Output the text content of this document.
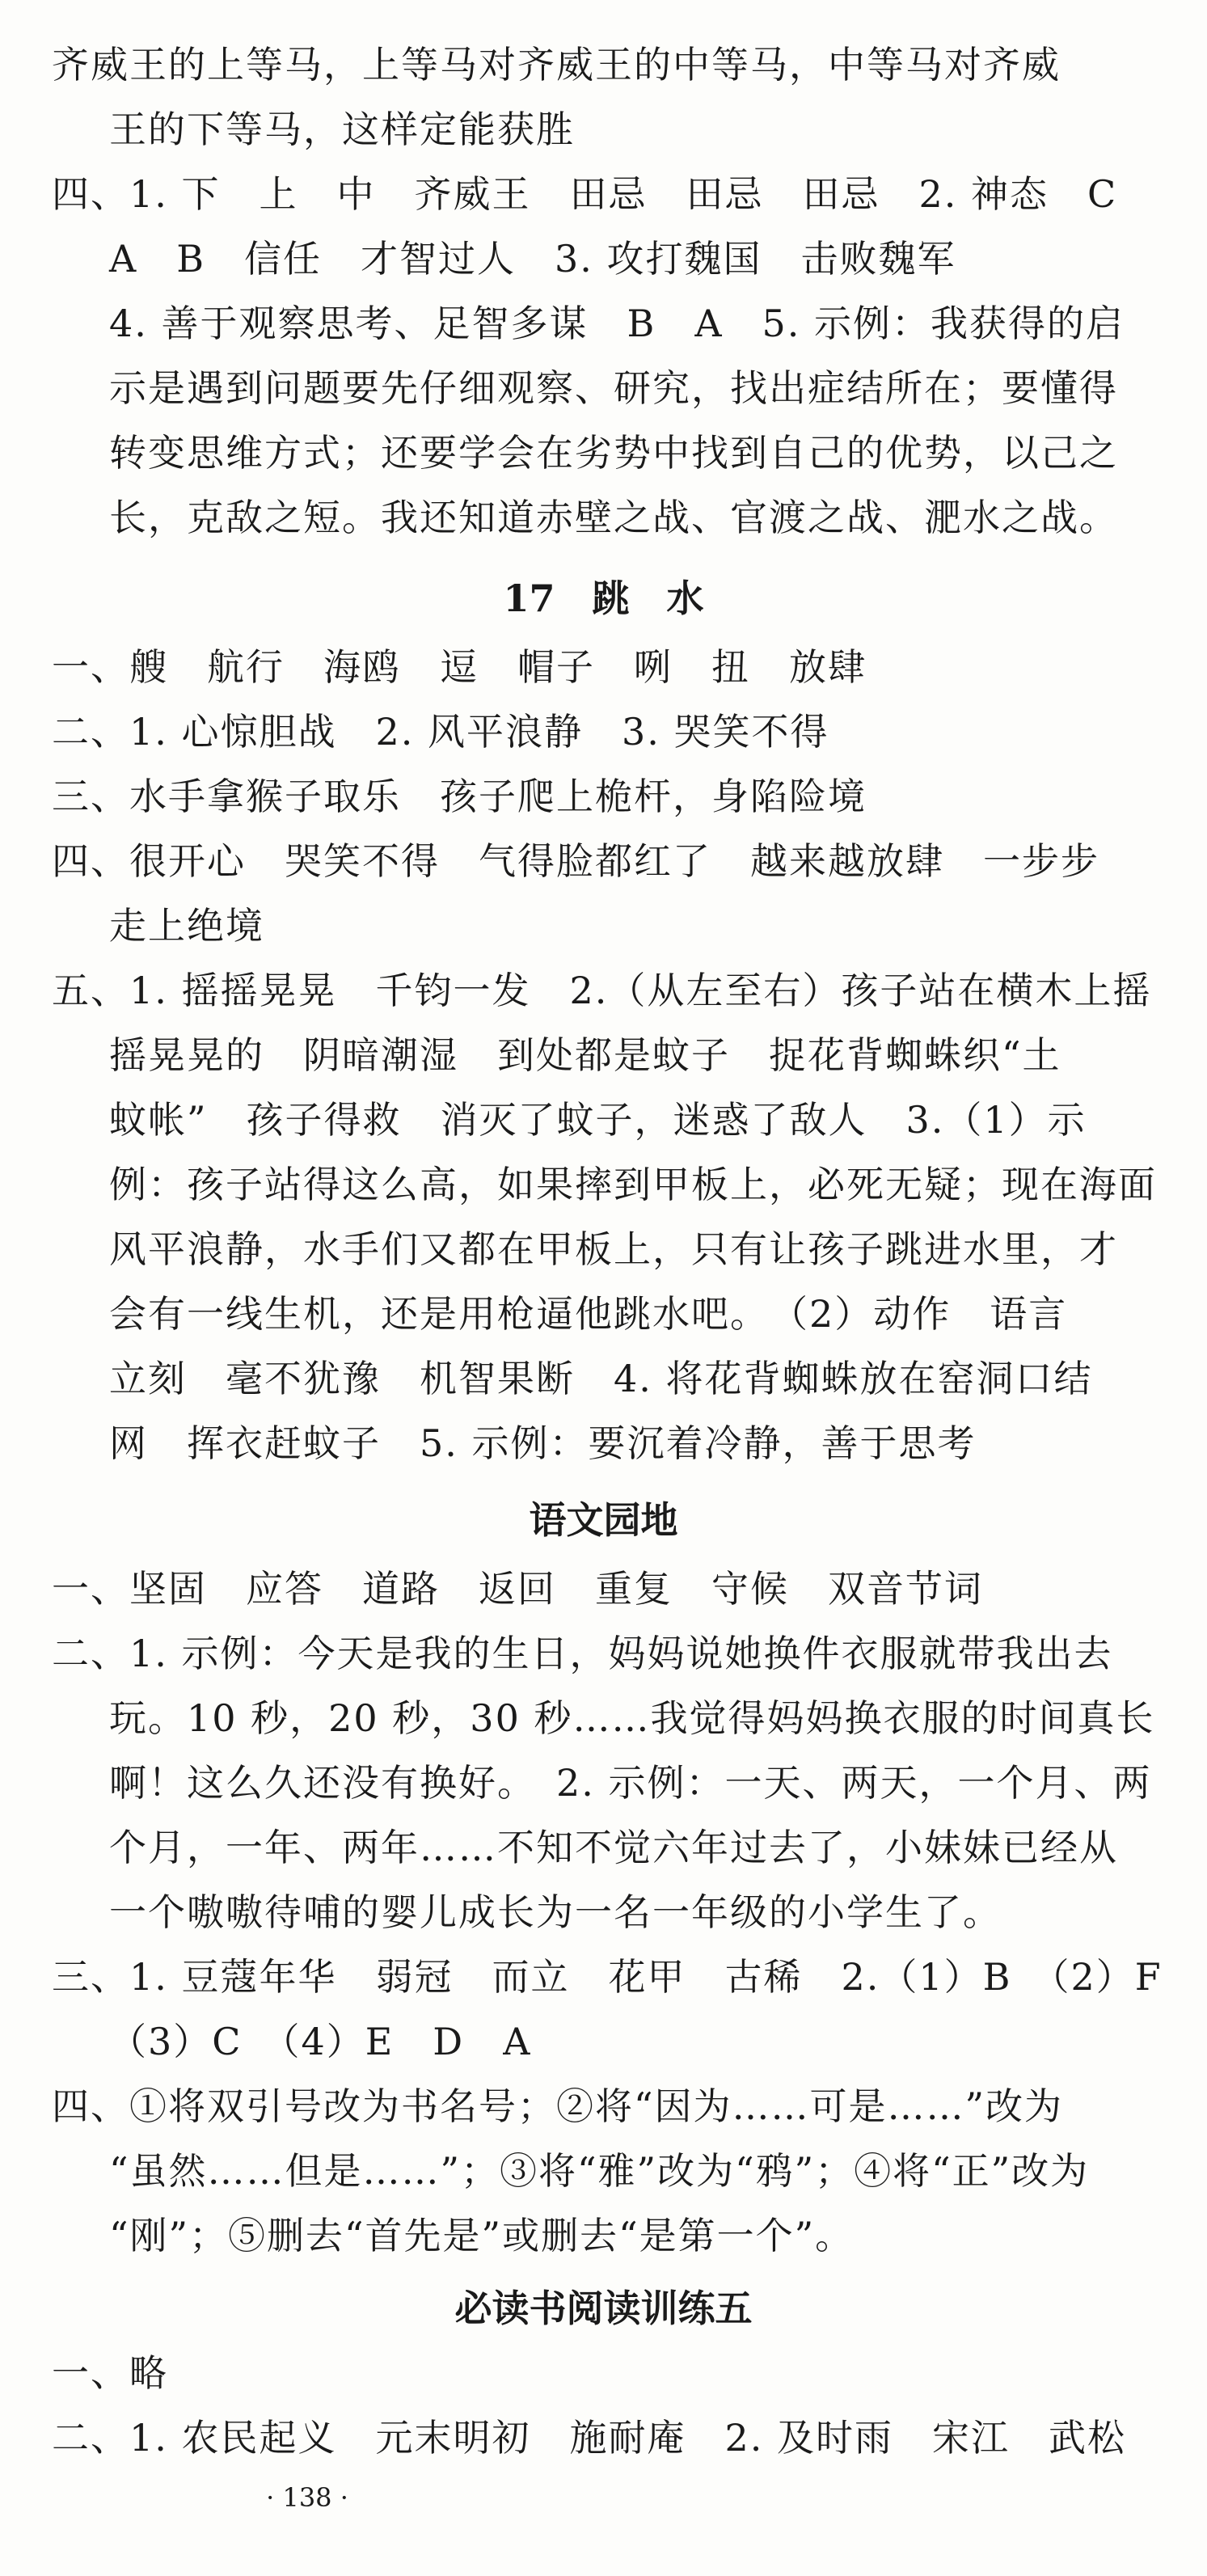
齐威王的上等马，上等马对齐威王的中等马，中等马对齐威
王的下等马，这样定能获胜
四、1. 下　上　中　齐威王　田忌　田忌　田忌　2. 神态　C
A　B　信任　才智过人　3. 攻打魏国　击败魏军
4. 善于观察思考、足智多谋　B　A　5. 示例：我获得的启
示是遇到问题要先仔细观察、研究，找出症结所在；要懂得
转变思维方式；还要学会在劣势中找到自己的优势，以己之
长，克敌之短。我还知道赤壁之战、官渡之战、淝水之战。
17　跳　水
一、艘　航行　海鸥　逗　帽子　咧　扭　放肆
二、1. 心惊胆战　2. 风平浪静　3. 哭笑不得
三、水手拿猴子取乐　孩子爬上桅杆，身陷险境
四、很开心　哭笑不得　气得脸都红了　越来越放肆　一步步
走上绝境
五、1. 摇摇晃晃　千钧一发　2.（从左至右）孩子站在横木上摇
摇晃晃的　阴暗潮湿　到处都是蚊子　捉花背蜘蛛织“土
蚊帐”　孩子得救　消灭了蚊子，迷惑了敌人　3.（1）示
例：孩子站得这么高，如果摔到甲板上，必死无疑；现在海面
风平浪静，水手们又都在甲板上，只有让孩子跳进水里，才
会有一线生机，还是用枪逼他跳水吧。　（2）动作　语言
立刻　毫不犹豫　机智果断　4. 将花背蜘蛛放在窑洞口结
网　挥衣赶蚊子　5. 示例：要沉着冷静，善于思考
语文园地
一、坚固　应答　道路　返回　重复　守候　双音节词
二、1. 示例：今天是我的生日，妈妈说她换件衣服就带我出去
玩。10 秒，20 秒，30 秒……我觉得妈妈换衣服的时间真长
啊！这么久还没有换好。　2. 示例：一天、两天，一个月、两
个月，一年、两年……不知不觉六年过去了，小妹妹已经从
一个嗷嗷待哺的婴儿成长为一名一年级的小学生了。
三、1. 豆蔻年华　弱冠　而立　花甲　古稀　2.（1）B　（2）F
（3）C　（4）E　D　A
四、①将双引号改为书名号；②将“因为……可是……”改为
“虽然……但是……”；③将“雅”改为“鸦”；④将“正”改为
“刚”；⑤删去“首先是”或删去“是第一个”。
必读书阅读训练五
一、略
二、1. 农民起义　元末明初　施耐庵　2. 及时雨　宋江　武松
· 138 ·
